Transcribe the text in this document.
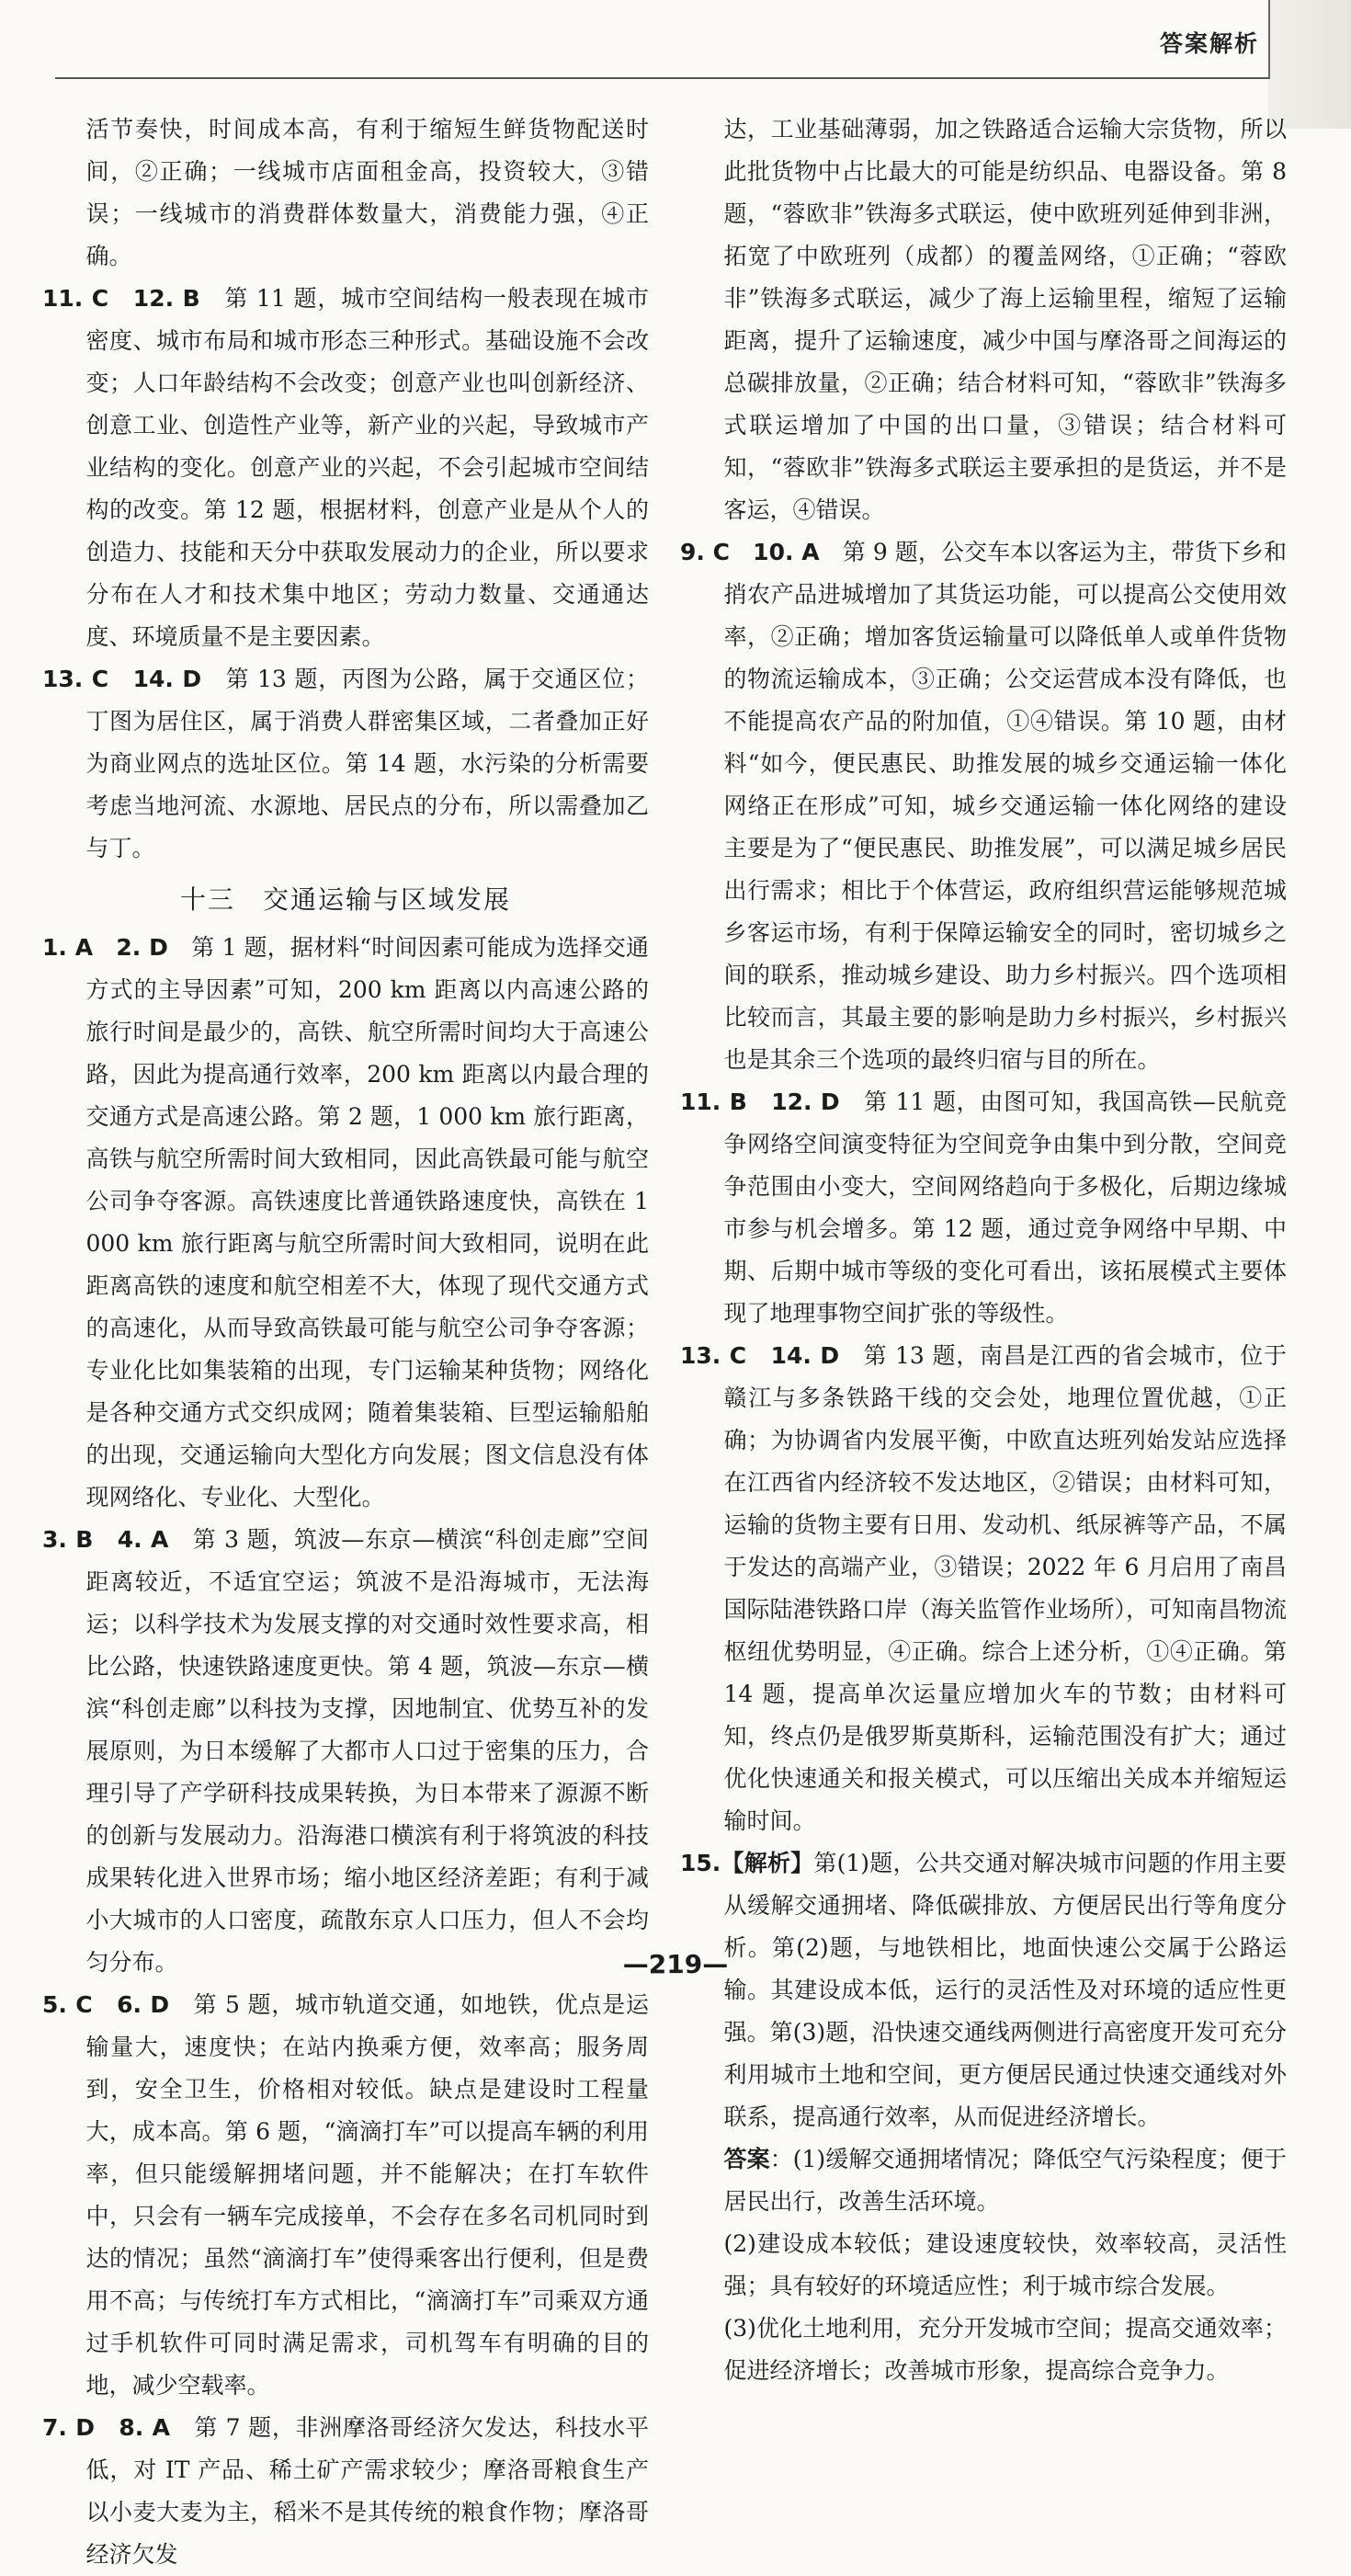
答案解析

活节奏快，时间成本高，有利于缩短生鲜货物配送时间，②正确；一线城市店面租金高，投资较大，③错误；一线城市的消费群体数量大，消费能力强，④正确。

11. C　12. B　 第 11 题，城市空间结构一般表现在城市密度、城市布局和城市形态三种形式。基础设施不会改变；人口年龄结构不会改变；创意产业也叫创新经济、创意工业、创造性产业等，新产业的兴起，导致城市产业结构的变化。创意产业的兴起，不会引起城市空间结构的改变。第 12 题，根据材料，创意产业是从个人的创造力、技能和天分中获取发展动力的企业，所以要求分布在人才和技术集中地区；劳动力数量、交通通达度、环境质量不是主要因素。

13. C　14. D　 第 13 题，丙图为公路，属于交通区位；丁图为居住区，属于消费人群密集区域，二者叠加正好为商业网点的选址区位。第 14 题，水污染的分析需要考虑当地河流、水源地、居民点的分布，所以需叠加乙与丁。

十三 交通运输与区域发展

1. A　2. D　 第 1 题，据材料“时间因素可能成为选择交通方式的主导因素”可知，200 km 距离以内高速公路的旅行时间是最少的，高铁、航空所需时间均大于高速公路，因此为提高通行效率，200 km 距离以内最合理的交通方式是高速公路。第 2 题，1 000 km 旅行距离，高铁与航空所需时间大致相同，因此高铁最可能与航空公司争夺客源。高铁速度比普通铁路速度快，高铁在 1 000 km 旅行距离与航空所需时间大致相同，说明在此距离高铁的速度和航空相差不大，体现了现代交通方式的高速化，从而导致高铁最可能与航空公司争夺客源；专业化比如集装箱的出现，专门运输某种货物；网络化是各种交通方式交织成网；随着集装箱、巨型运输船舶的出现，交通运输向大型化方向发展；图文信息没有体现网络化、专业化、大型化。

3. B　4. A　 第 3 题，筑波—东京—横滨“科创走廊”空间距离较近，不适宜空运；筑波不是沿海城市，无法海运；以科学技术为发展支撑的对交通时效性要求高，相比公路，快速铁路速度更快。第 4 题，筑波—东京—横滨“科创走廊”以科技为支撑，因地制宜、优势互补的发展原则，为日本缓解了大都市人口过于密集的压力，合理引导了产学研科技成果转换，为日本带来了源源不断的创新与发展动力。沿海港口横滨有利于将筑波的科技成果转化进入世界市场；缩小地区经济差距；有利于减小大城市的人口密度，疏散东京人口压力，但人不会均匀分布。

5. C　6. D　 第 5 题，城市轨道交通，如地铁，优点是运输量大，速度快；在站内换乘方便，效率高；服务周到，安全卫生，价格相对较低。缺点是建设时工程量大，成本高。第 6 题，“滴滴打车”可以提高车辆的利用率，但只能缓解拥堵问题，并不能解决；在打车软件中，只会有一辆车完成接单，不会存在多名司机同时到达的情况；虽然“滴滴打车”使得乘客出行便利，但是费用不高；与传统打车方式相比，“滴滴打车”司乘双方通过手机软件可同时满足需求，司机驾车有明确的目的地，减少空载率。

7. D　8. A　 第 7 题，非洲摩洛哥经济欠发达，科技水平低，对 IT 产品、稀土矿产需求较少；摩洛哥粮食生产以小麦大麦为主，稻米不是其传统的粮食作物；摩洛哥经济欠发

达，工业基础薄弱，加之铁路适合运输大宗货物，所以此批货物中占比最大的可能是纺织品、电器设备。第 8 题，“蓉欧非”铁海多式联运，使中欧班列延伸到非洲，拓宽了中欧班列（成都）的覆盖网络，①正确；“蓉欧非”铁海多式联运，减少了海上运输里程，缩短了运输距离，提升了运输速度，减少中国与摩洛哥之间海运的总碳排放量，②正确；结合材料可知，“蓉欧非”铁海多式联运增加了中国的出口量，③错误；结合材料可知，“蓉欧非”铁海多式联运主要承担的是货运，并不是客运，④错误。

9. C　10. A　 第 9 题，公交车本以客运为主，带货下乡和捎农产品进城增加了其货运功能，可以提高公交使用效率，②正确；增加客货运输量可以降低单人或单件货物的物流运输成本，③正确；公交运营成本没有降低，也不能提高农产品的附加值，①④错误。第 10 题，由材料“如今，便民惠民、助推发展的城乡交通运输一体化网络正在形成”可知，城乡交通运输一体化网络的建设主要是为了“便民惠民、助推发展”，可以满足城乡居民出行需求；相比于个体营运，政府组织营运能够规范城乡客运市场，有利于保障运输安全的同时，密切城乡之间的联系，推动城乡建设、助力乡村振兴。四个选项相比较而言，其最主要的影响是助力乡村振兴，乡村振兴也是其余三个选项的最终归宿与目的所在。

11. B　12. D　 第 11 题，由图可知，我国高铁—民航竞争网络空间演变特征为空间竞争由集中到分散，空间竞争范围由小变大，空间网络趋向于多极化，后期边缘城市参与机会增多。第 12 题，通过竞争网络中早期、中期、后期中城市等级的变化可看出，该拓展模式主要体现了地理事物空间扩张的等级性。

13. C　14. D　 第 13 题，南昌是江西的省会城市，位于赣江与多条铁路干线的交会处，地理位置优越，①正确；为协调省内发展平衡，中欧直达班列始发站应选择在江西省内经济较不发达地区，②错误；由材料可知，运输的货物主要有日用、发动机、纸尿裤等产品，不属于发达的高端产业，③错误；2022 年 6 月启用了南昌国际陆港铁路口岸（海关监管作业场所），可知南昌物流枢纽优势明显，④正确。综合上述分析，①④正确。第 14 题，提高单次运量应增加火车的节数；由材料可知，终点仍是俄罗斯莫斯科，运输范围没有扩大；通过优化快速通关和报关模式，可以压缩出关成本并缩短运输时间。

15.【解析】第(1)题，公共交通对解决城市问题的作用主要从缓解交通拥堵、降低碳排放、方便居民出行等角度分析。第(2)题，与地铁相比，地面快速公交属于公路运输。其建设成本低，运行的灵活性及对环境的适应性更强。第(3)题，沿快速交通线两侧进行高密度开发可充分利用城市土地和空间，更方便居民通过快速交通线对外联系，提高通行效率，从而促进经济增长。

答案：(1)缓解交通拥堵情况；降低空气污染程度；便于居民出行，改善生活环境。

(2)建设成本较低；建设速度较快，效率较高，灵活性强；具有较好的环境适应性；利于城市综合发展。

(3)优化土地利用，充分开发城市空间；提高交通效率；促进经济增长；改善城市形象，提高综合竞争力。

—219—
